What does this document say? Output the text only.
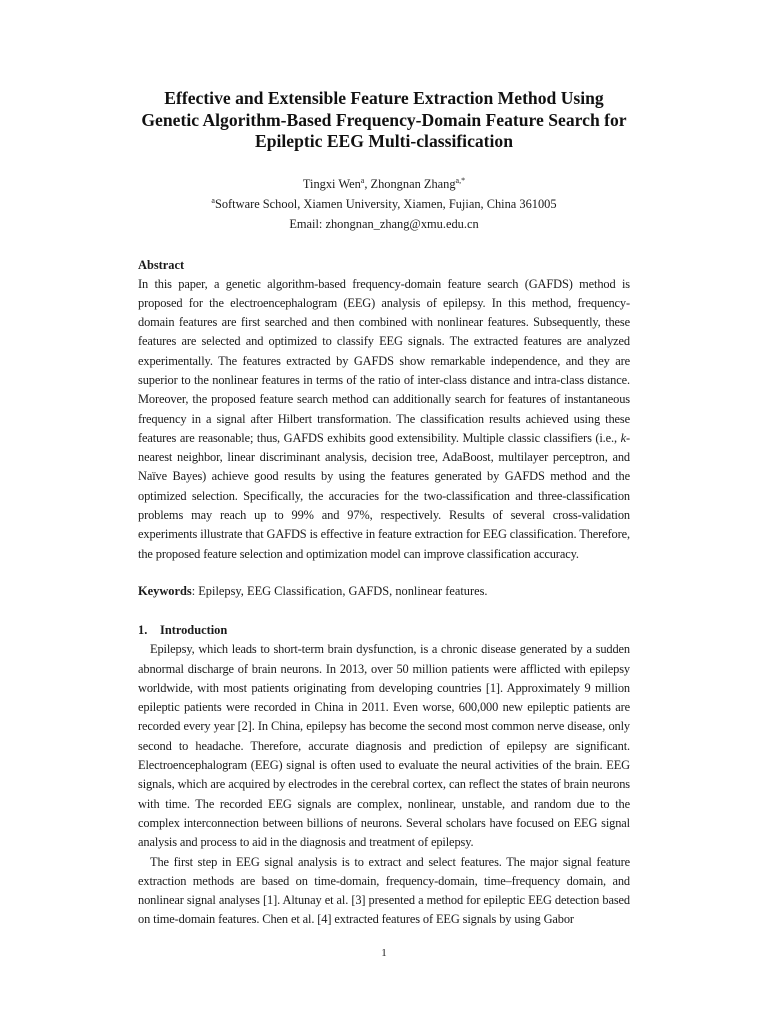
Effective and Extensible Feature Extraction Method Using Genetic Algorithm-Based Frequency-Domain Feature Search for Epileptic EEG Multi-classification
Tingxi Wen$^a$, Zhongnan Zhang$^{a,*}$
$^a$Software School, Xiamen University, Xiamen, Fujian, China 361005
Email: zhongnan_zhang@xmu.edu.cn
Abstract

In this paper, a genetic algorithm-based frequency-domain feature search (GAFDS) method is proposed for the electroencephalogram (EEG) analysis of epilepsy. In this method, frequency-domain features are first searched and then combined with nonlinear features. Subsequently, these features are selected and optimized to classify EEG signals. The extracted features are analyzed experimentally. The features extracted by GAFDS show remarkable independence, and they are superior to the nonlinear features in terms of the ratio of inter-class distance and intra-class distance. Moreover, the proposed feature search method can additionally search for features of instantaneous frequency in a signal after Hilbert transformation. The classification results achieved using these features are reasonable; thus, GAFDS exhibits good extensibility. Multiple classic classifiers (i.e., k-nearest neighbor, linear discriminant analysis, decision tree, AdaBoost, multilayer perceptron, and Naïve Bayes) achieve good results by using the features generated by GAFDS method and the optimized selection. Specifically, the accuracies for the two-classification and three-classification problems may reach up to 99% and 97%, respectively. Results of several cross-validation experiments illustrate that GAFDS is effective in feature extraction for EEG classification. Therefore, the proposed feature selection and optimization model can improve classification accuracy.

Keywords: Epilepsy, EEG Classification, GAFDS, nonlinear features.
1. Introduction

Epilepsy, which leads to short-term brain dysfunction, is a chronic disease generated by a sudden abnormal discharge of brain neurons. In 2013, over 50 million patients were afflicted with epilepsy worldwide, with most patients originating from developing countries [1]. Approximately 9 million epileptic patients were recorded in China in 2011. Even worse, 600,000 new epileptic patients are recorded every year [2]. In China, epilepsy has become the second most common nerve disease, only second to headache. Therefore, accurate diagnosis and prediction of epilepsy are significant. Electroencephalogram (EEG) signal is often used to evaluate the neural activities of the brain. EEG signals, which are acquired by electrodes in the cerebral cortex, can reflect the states of brain neurons with time. The recorded EEG signals are complex, nonlinear, unstable, and random due to the complex interconnection between billions of neurons. Several scholars have focused on EEG signal analysis and process to aid in the diagnosis and treatment of epilepsy.

The first step in EEG signal analysis is to extract and select features. The major signal feature extraction methods are based on time-domain, frequency-domain, time–frequency domain, and nonlinear signal analyses [1]. Altunay et al. [3] presented a method for epileptic EEG detection based on time-domain features. Chen et al. [4] extracted features of EEG signals by using Gabor

1
